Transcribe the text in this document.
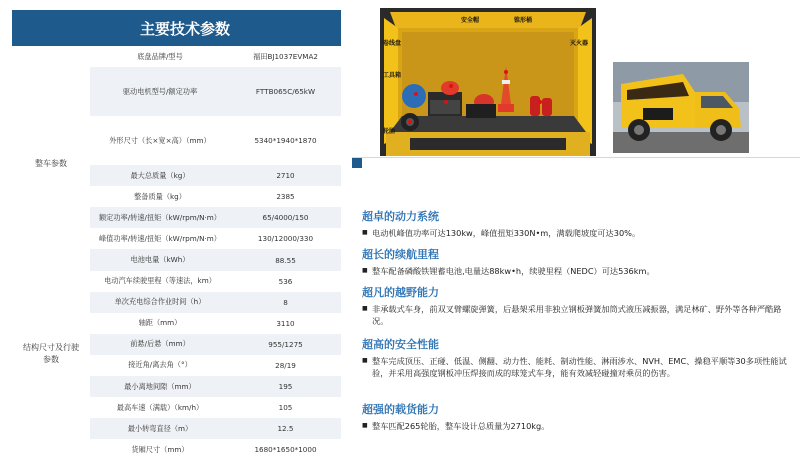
主要技术参数
整车参数
结构尺寸及行驶参数
底盘品牌/型号	福田BJ1037EVMA2
驱动电机型号/额定功率	FTTB065C/65kW
外形尺寸（长×宽×高）（mm）	5340*1940*1870
最大总质量（kg）	2710
整备质量（kg）	2385
额定功率/转速/扭矩（kW/rpm/N·m）	65/4000/150
峰值功率/转速/扭矩（kW/rpm/N·m）	130/12000/330
电池电量（kWh）	88.55
电动汽车续驶里程（等速法，km）	536
单次充电综合作业时间（h）	8
轴距（mm）	3110
前悬/后悬（mm）	955/1275
接近角/离去角（°）	28/19
最小离地间隙（mm）	195
最高车速（满载）（km/h）	105
最小转弯直径（m）	12.5
货厢尺寸（mm）	1680*1650*1000
安全帽	锥形桶
卷线盘
工具箱
灭火器
轮胎
超卓的动力系统

■ 电动机峰值功率可达130kw，峰值扭矩330N•m，满载爬坡度可达30%。

超长的续航里程

■ 整车配备磷酸铁锂蓄电池,电量达88kw•h，续驶里程（NEDC）可达536km。

超凡的越野能力

■ 非承载式车身，前双叉臂螺旋弹簧，后悬架采用非独立钢板弹簧加筒式液压减振器，满足林矿、野外等各种严酷路况。

超高的安全性能

■ 整车完成顶压、正碰、低温、侧翻、动力性、能耗、制动性能、淋雨涉水、NVH、EMC、操稳平顺等30多项性能试验，并采用高强度钢板冲压焊接而成的球笼式车身，能有效减轻碰撞对乘员的伤害。

超强的载货能力

■ 整车匹配265轮胎，整车设计总质量为2710kg。
